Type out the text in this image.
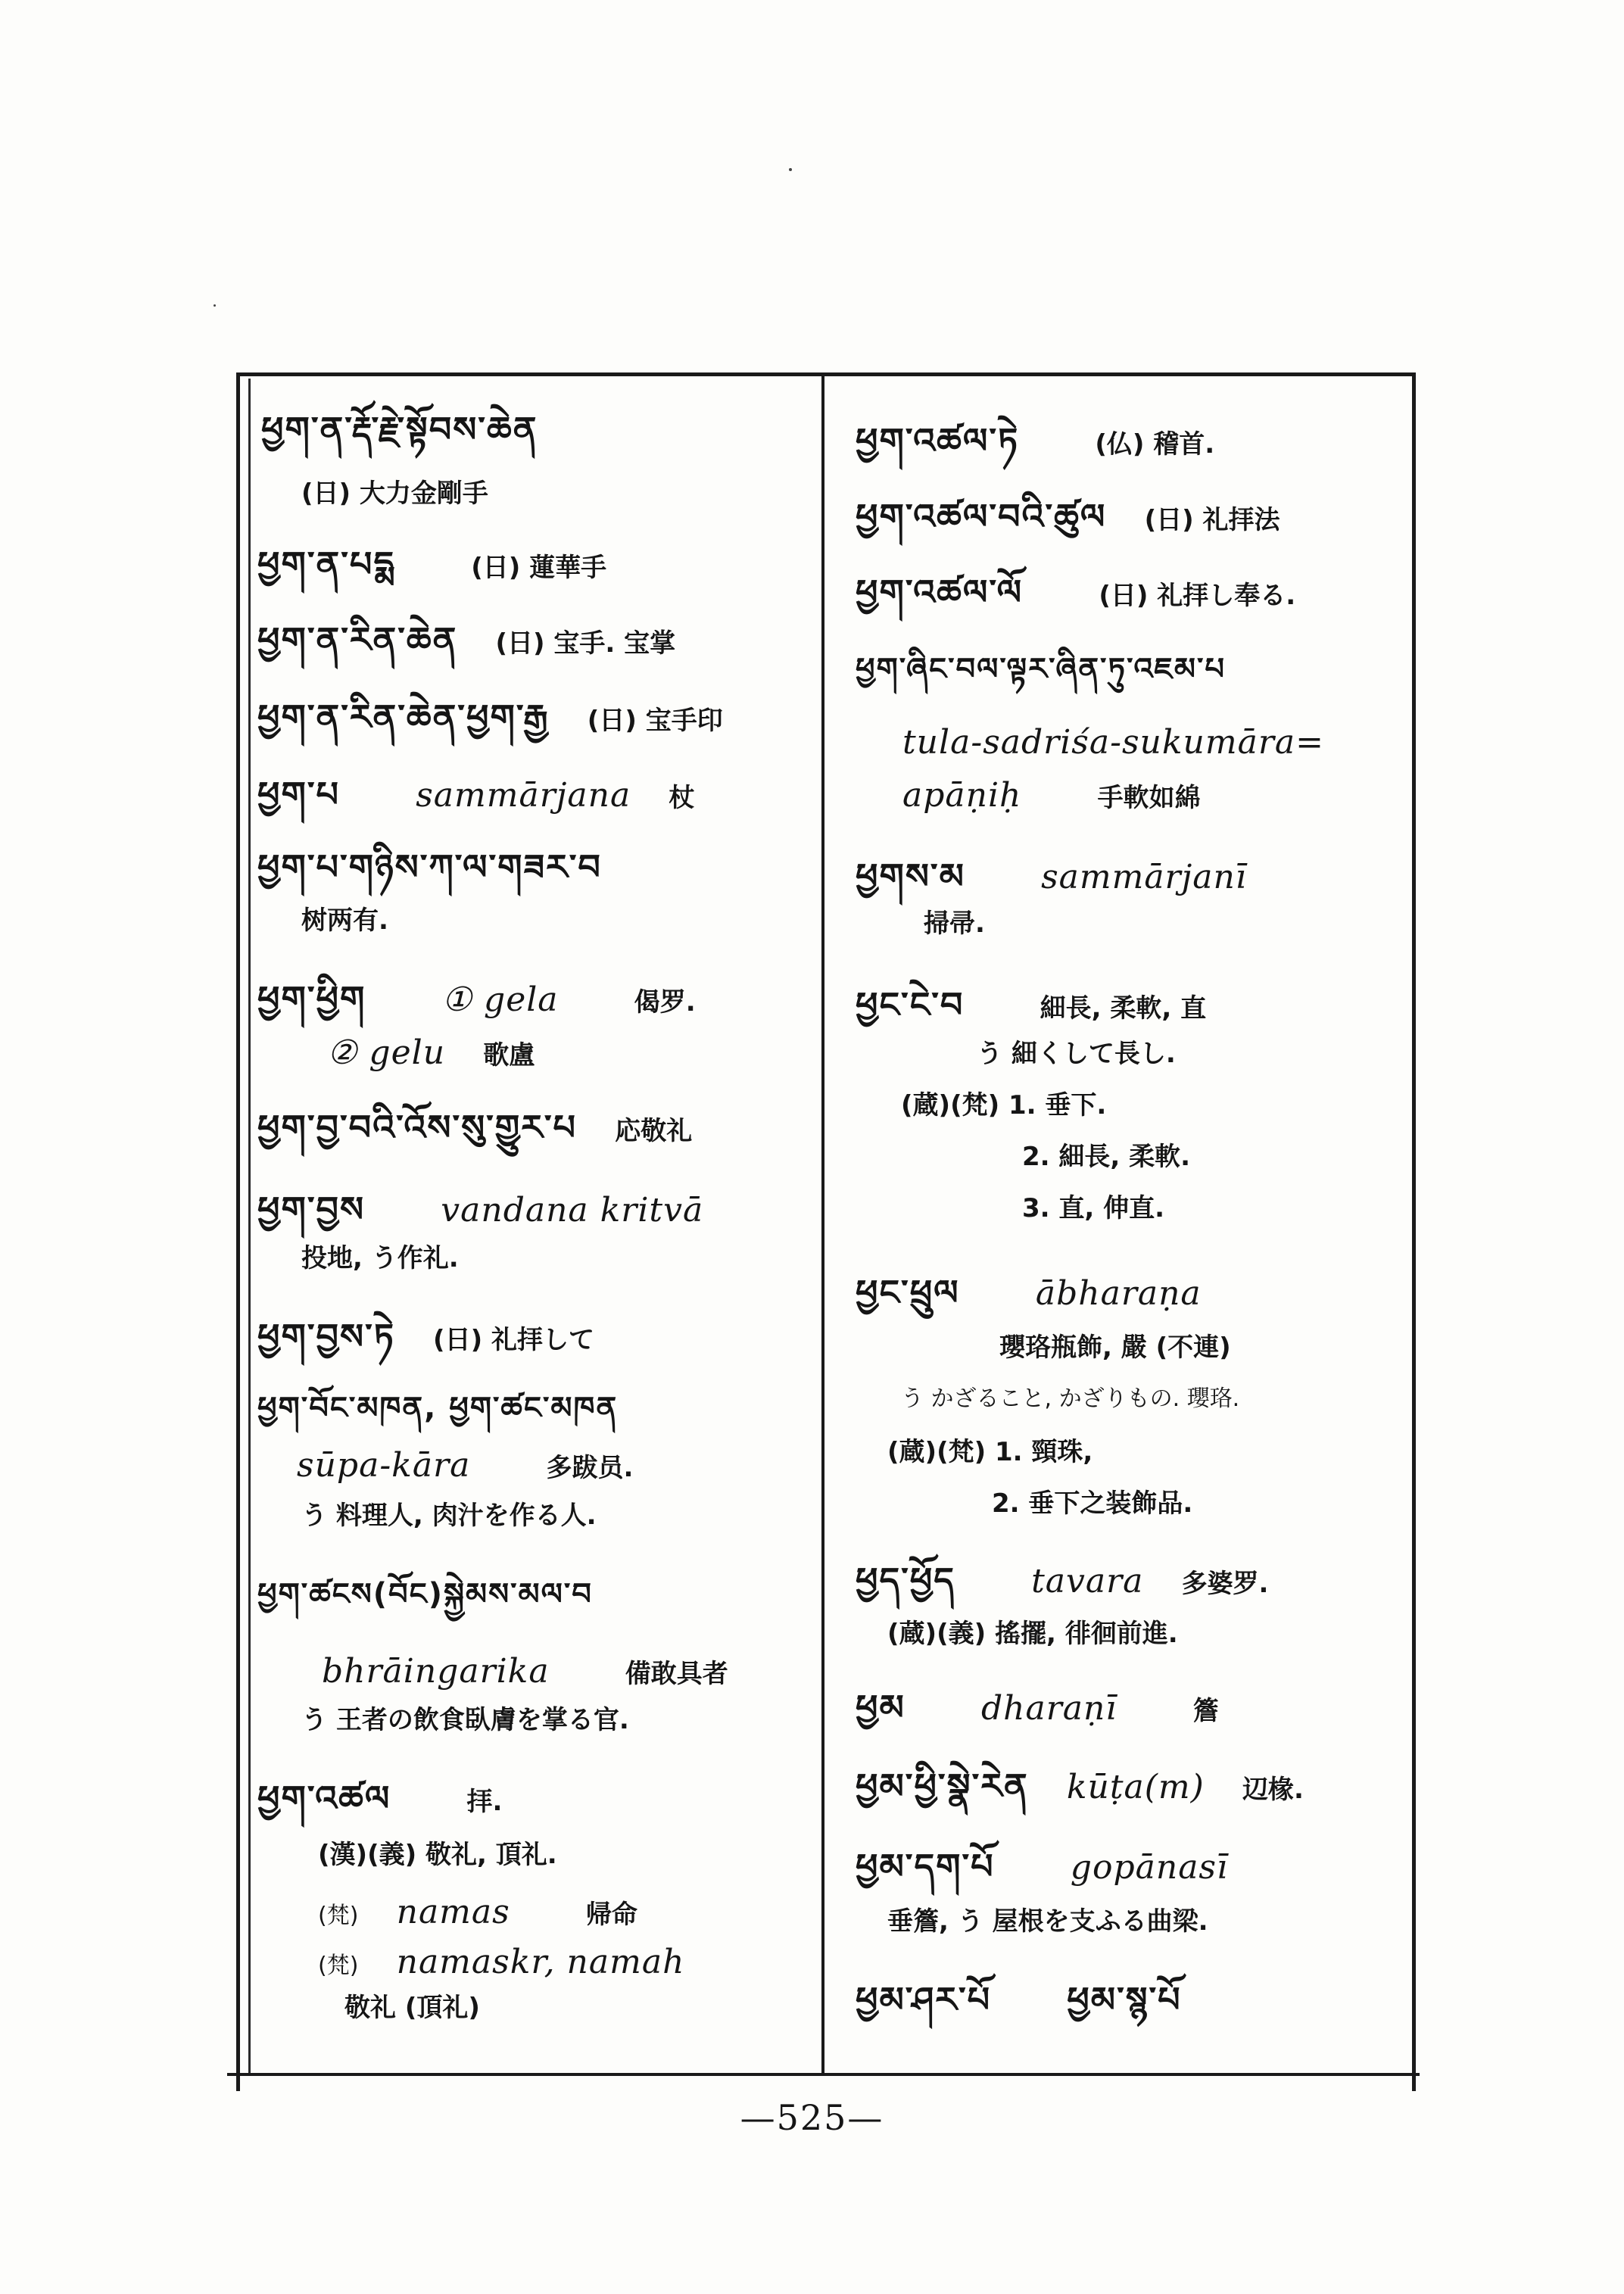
ཕྱག་ན་རྡོ་རྗེ་སྟོབས་ཆེན
(日) 大力金剛手
ཕྱག་ན་པདྨ	(日) 蓮華手
ཕྱག་ན་རིན་ཆེན (日) 宝手. 宝掌
ཕྱག་ན་རིན་ཆེན་ཕྱག་རྒྱ (日) 宝手印
ཕྱག་པ sammārjana 杖
ཕྱག་པ་གཉིས་ཀ་ལ་གཟར་བ
树两有.
ཕྱག་ཕྱིག ① gela	偈罗.
② gelu 歌盧
ཕྱག་བྱ་བའི་འོས་སུ་གྱུར་པ 応敬礼
ཕྱག་བྱས vandana kritvā
投地, う作礼.
ཕྱག་བྱས་ཏེ (日) 礼拝して
ཕྱག་བོང་མཁན, ཕྱག་ཚང་མཁན
sūpa-kāra	多跋员.
う 料理人, 肉汁を作る人.
ཕྱག་ཚངས(བོང)སྐྱེམས་མལ་བ
bhrāingarika	備敢具者
う 王者の飲食臥膚を掌る官.
ཕྱག་འཚལ	拝.
(漢)(義) 敬礼, 頂礼.
(梵) namas	帰命
(梵) namaskr, namah
敬礼 (頂礼)
ཕྱག་འཚལ་ཏེ	(仏) 稽首.
ཕྱག་འཚལ་བའི་ཚུལ (日) 礼拝法
ཕྱག་འཚལ་ལོ	(日) 礼拝し奉る.
ཕྱག་ཞིང་བལ་ལྟར་ཞིན་ཏུ་འཇམ་པ
tula-sadriśa-sukumāra=
apāṇiḥ	手軟如綿
ཕྱགས་མ sammārjanī
掃帚.
ཕྱང་ངེ་བ	細長, 柔軟, 直
う 細くして長し.
(蔵)(梵) 1. 垂下.
2. 細長, 柔軟.
3. 直, 伸直.
ཕྱང་ཕྲུལ ābharaṇa
瓔珞瓶飾, 嚴 (不連)
う かざること, かざりもの. 瓔珞.
(蔵)(梵) 1. 頸珠,
2. 垂下之装飾品.
ཕྱད་ཕྱོད tavara 多婆罗.
(蔵)(義) 搖擺, 徘徊前進.
ཕྱམ dharaṇī	簷
ཕྱམ་ཕྱི་སྣེ་རེན kūṭa(m) 辺椽.
ཕྱམ་དག་པོ gopānasī
垂簷, う 屋根を支ふる曲梁.
ཕྱམ་ཤར་པོ ཕྱམ་སྙ་པོ
—525—
